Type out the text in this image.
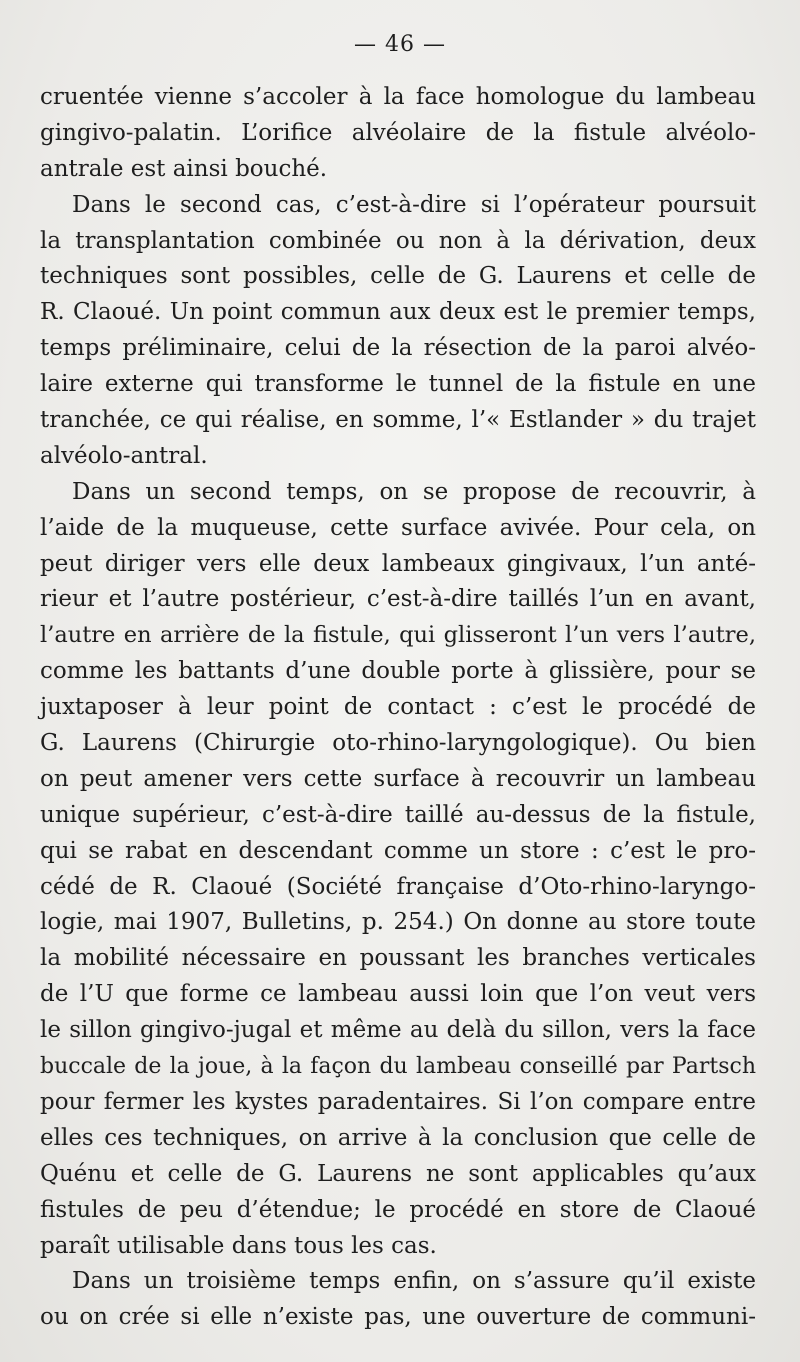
— 46 —
cruentée vienne s’accoler à la face homologue du lambeau
gingivo-palatin. L’orifice alvéolaire de la fistule alvéolo-
antrale est ainsi bouché.
Dans le second cas, c’est-à-dire si l’opérateur poursuit
la transplantation combinée ou non à la dérivation, deux
techniques sont possibles, celle de G. Laurens et celle de
R. Claoué. Un point commun aux deux est le premier temps,
temps préliminaire, celui de la résection de la paroi alvéo-
laire externe qui transforme le tunnel de la fistule en une
tranchée, ce qui réalise, en somme, l’« Estlander » du trajet
alvéolo-antral.
Dans un second temps, on se propose de recouvrir, à
l’aide de la muqueuse, cette surface avivée. Pour cela, on
peut diriger vers elle deux lambeaux gingivaux, l’un anté-
rieur et l’autre postérieur, c’est-à-dire taillés l’un en avant,
l’autre en arrière de la fistule, qui glisseront l’un vers l’autre,
comme les battants d’une double porte à glissière, pour se
juxtaposer à leur point de contact : c’est le procédé de
G. Laurens (Chirurgie oto-rhino-laryngologique). Ou bien
on peut amener vers cette surface à recouvrir un lambeau
unique supérieur, c’est-à-dire taillé au-dessus de la fistule,
qui se rabat en descendant comme un store : c’est le pro-
cédé de R. Claoué (Société française d’Oto-rhino-laryngo-
logie, mai 1907, Bulletins, p. 254.) On donne au store toute
la mobilité nécessaire en poussant les branches verticales
de l’U que forme ce lambeau aussi loin que l’on veut vers
le sillon gingivo-jugal et même au delà du sillon, vers la face
buccale de la joue, à la façon du lambeau conseillé par Partsch
pour fermer les kystes paradentaires. Si l’on compare entre
elles ces techniques, on arrive à la conclusion que celle de
Quénu et celle de G. Laurens ne sont applicables qu’aux
fistules de peu d’étendue; le procédé en store de Claoué
paraît utilisable dans tous les cas.
Dans un troisième temps enfin, on s’assure qu’il existe
ou on crée si elle n’existe pas, une ouverture de communi-
